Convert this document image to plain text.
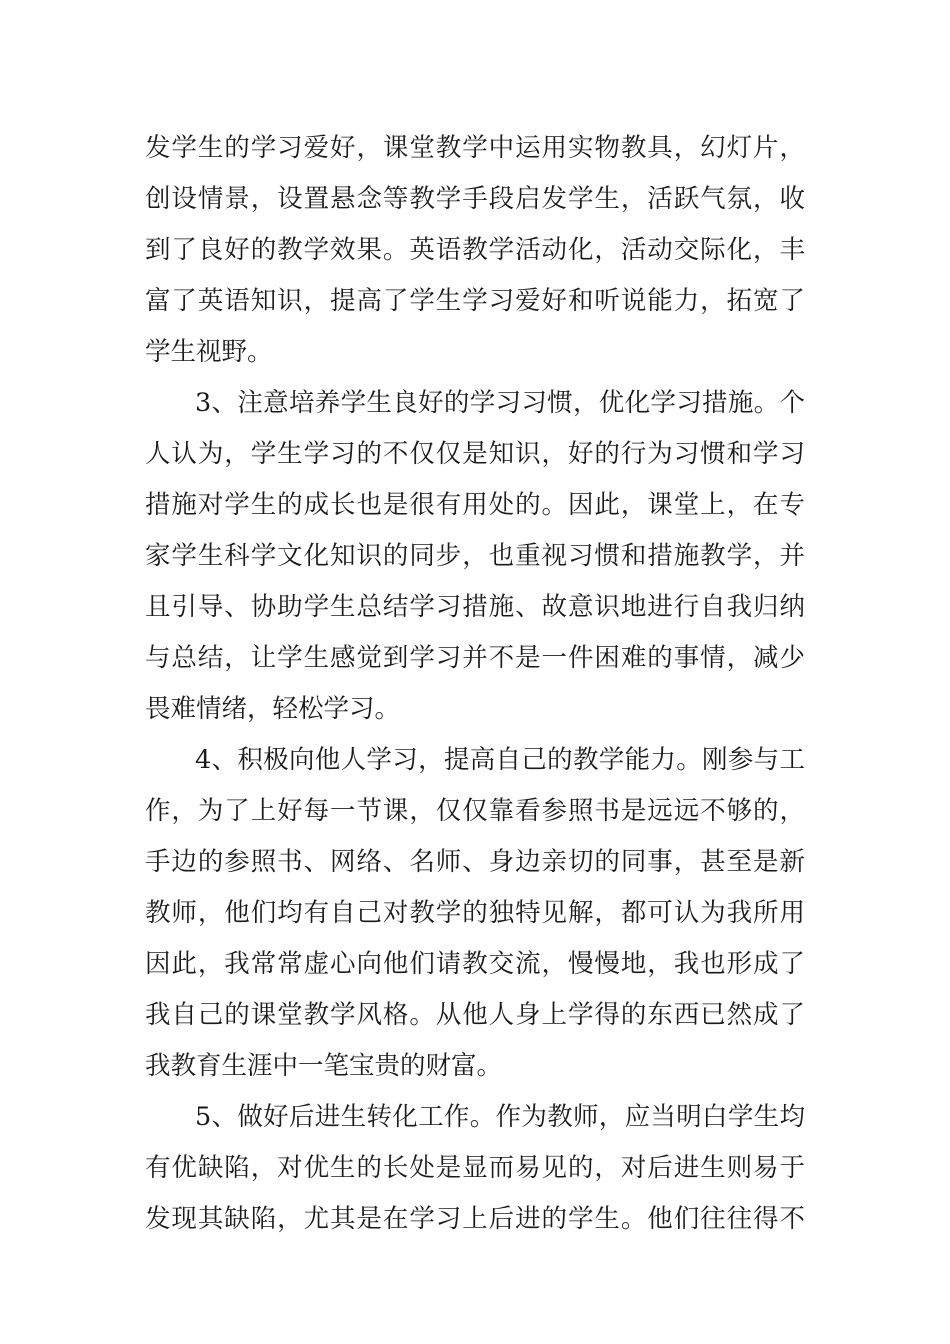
发学生的学习爱好，课堂教学中运用实物教具，幻灯片，
创设情景，设置悬念等教学手段启发学生，活跃气氛，收
到了良好的教学效果。英语教学活动化，活动交际化，丰
富了英语知识，提高了学生学习爱好和听说能力，拓宽了
学生视野。
3、注意培养学生良好的学习习惯，优化学习措施。个
人认为，学生学习的不仅仅是知识，好的行为习惯和学习
措施对学生的成长也是很有用处的。因此，课堂上，在专
家学生科学文化知识的同步，也重视习惯和措施教学，并
且引导、协助学生总结学习措施、故意识地进行自我归纳
与总结，让学生感觉到学习并不是一件困难的事情，减少
畏难情绪，轻松学习。
4、积极向他人学习，提高自己的教学能力。刚参与工
作，为了上好每一节课，仅仅靠看参照书是远远不够的，
手边的参照书、网络、名师、身边亲切的同事，甚至是新
教师，他们均有自己对教学的独特见解，都可认为我所用
因此，我常常虚心向他们请教交流，慢慢地，我也形成了
我自己的课堂教学风格。从他人身上学得的东西已然成了
我教育生涯中一笔宝贵的财富。
5、做好后进生转化工作。作为教师，应当明白学生均
有优缺陷，对优生的长处是显而易见的，对后进生则易于
发现其缺陷，尤其是在学习上后进的学生。他们往往得不
